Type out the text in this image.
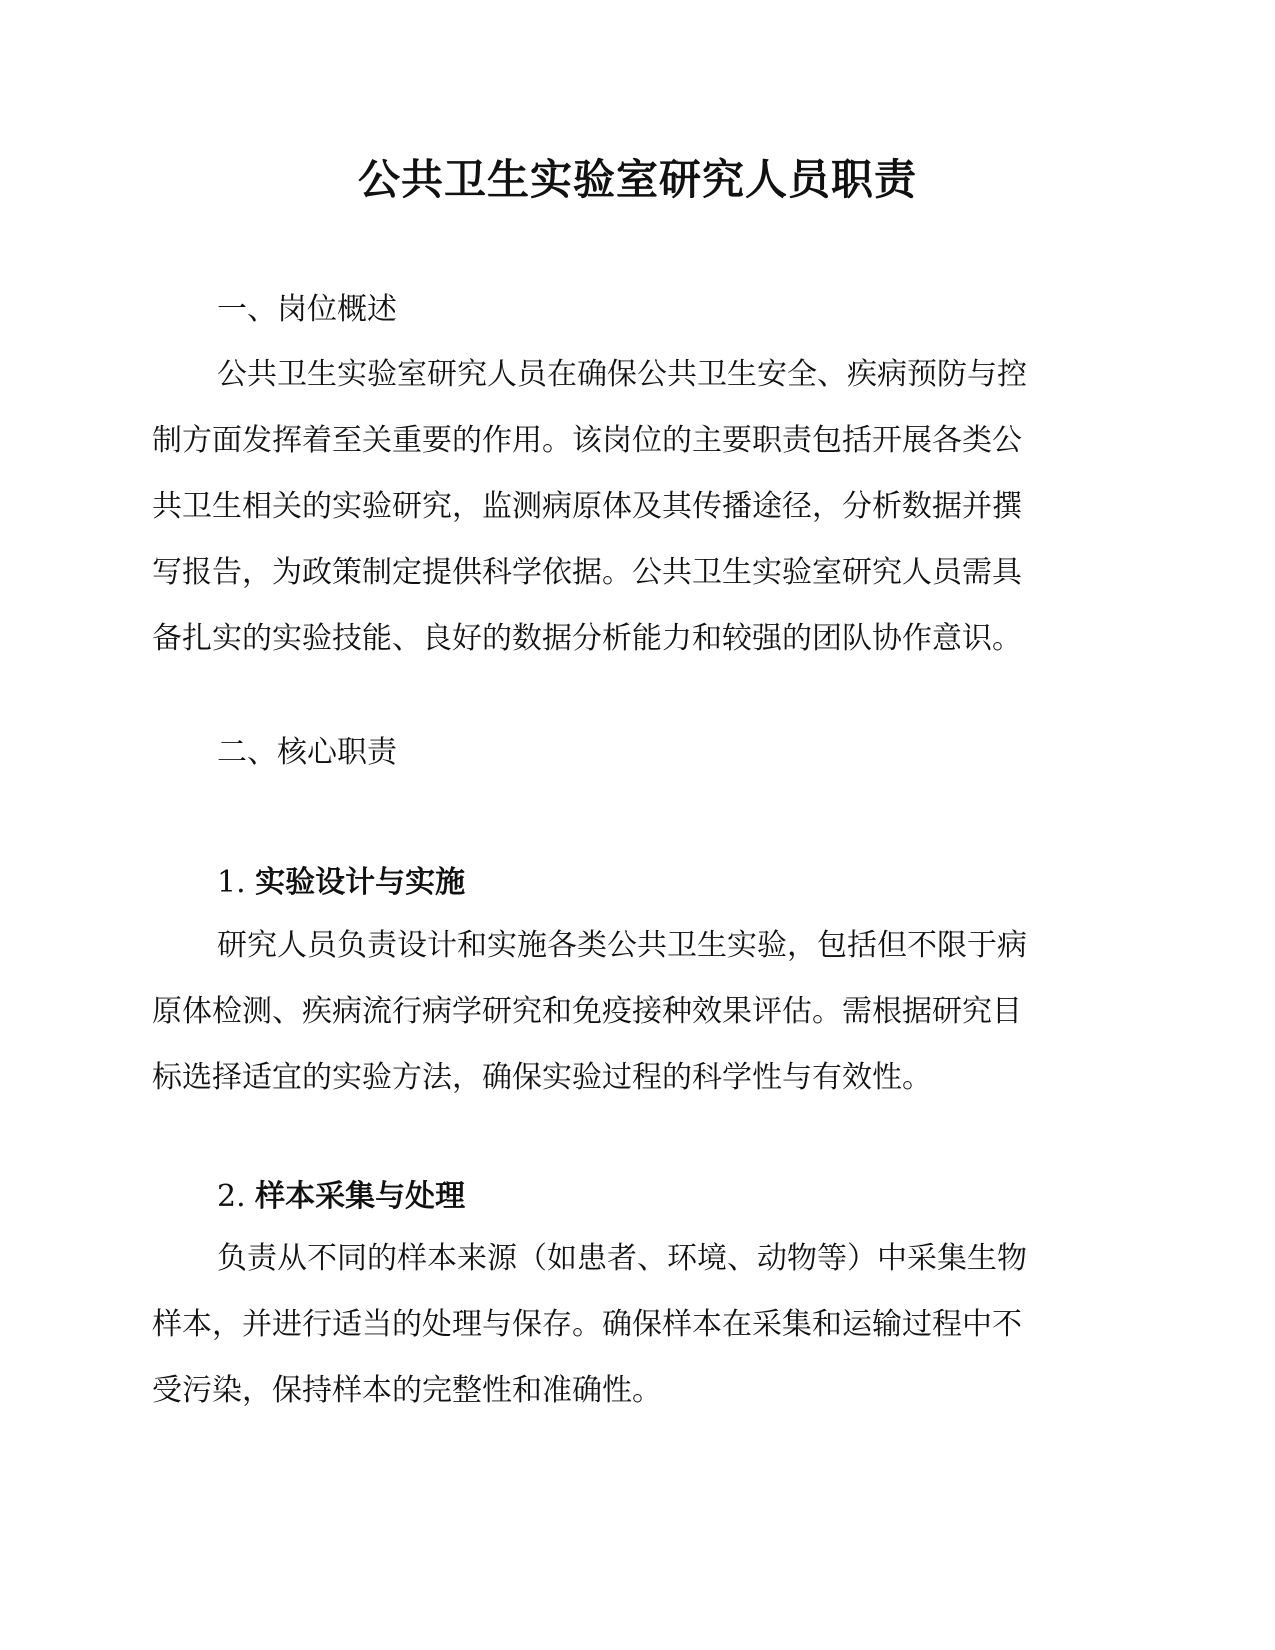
公共卫生实验室研究人员职责
一、岗位概述
公共卫生实验室研究人员在确保公共卫生安全、疾病预防与控
制方面发挥着至关重要的作用。该岗位的主要职责包括开展各类公
共卫生相关的实验研究，监测病原体及其传播途径，分析数据并撰
写报告，为政策制定提供科学依据。公共卫生实验室研究人员需具
备扎实的实验技能、良好的数据分析能力和较强的团队协作意识。
二、核心职责
1. 实验设计与实施
研究人员负责设计和实施各类公共卫生实验，包括但不限于病
原体检测、疾病流行病学研究和免疫接种效果评估。需根据研究目
标选择适宜的实验方法，确保实验过程的科学性与有效性。
2. 样本采集与处理
负责从不同的样本来源（如患者、环境、动物等）中采集生物
样本，并进行适当的处理与保存。确保样本在采集和运输过程中不
受污染，保持样本的完整性和准确性。
